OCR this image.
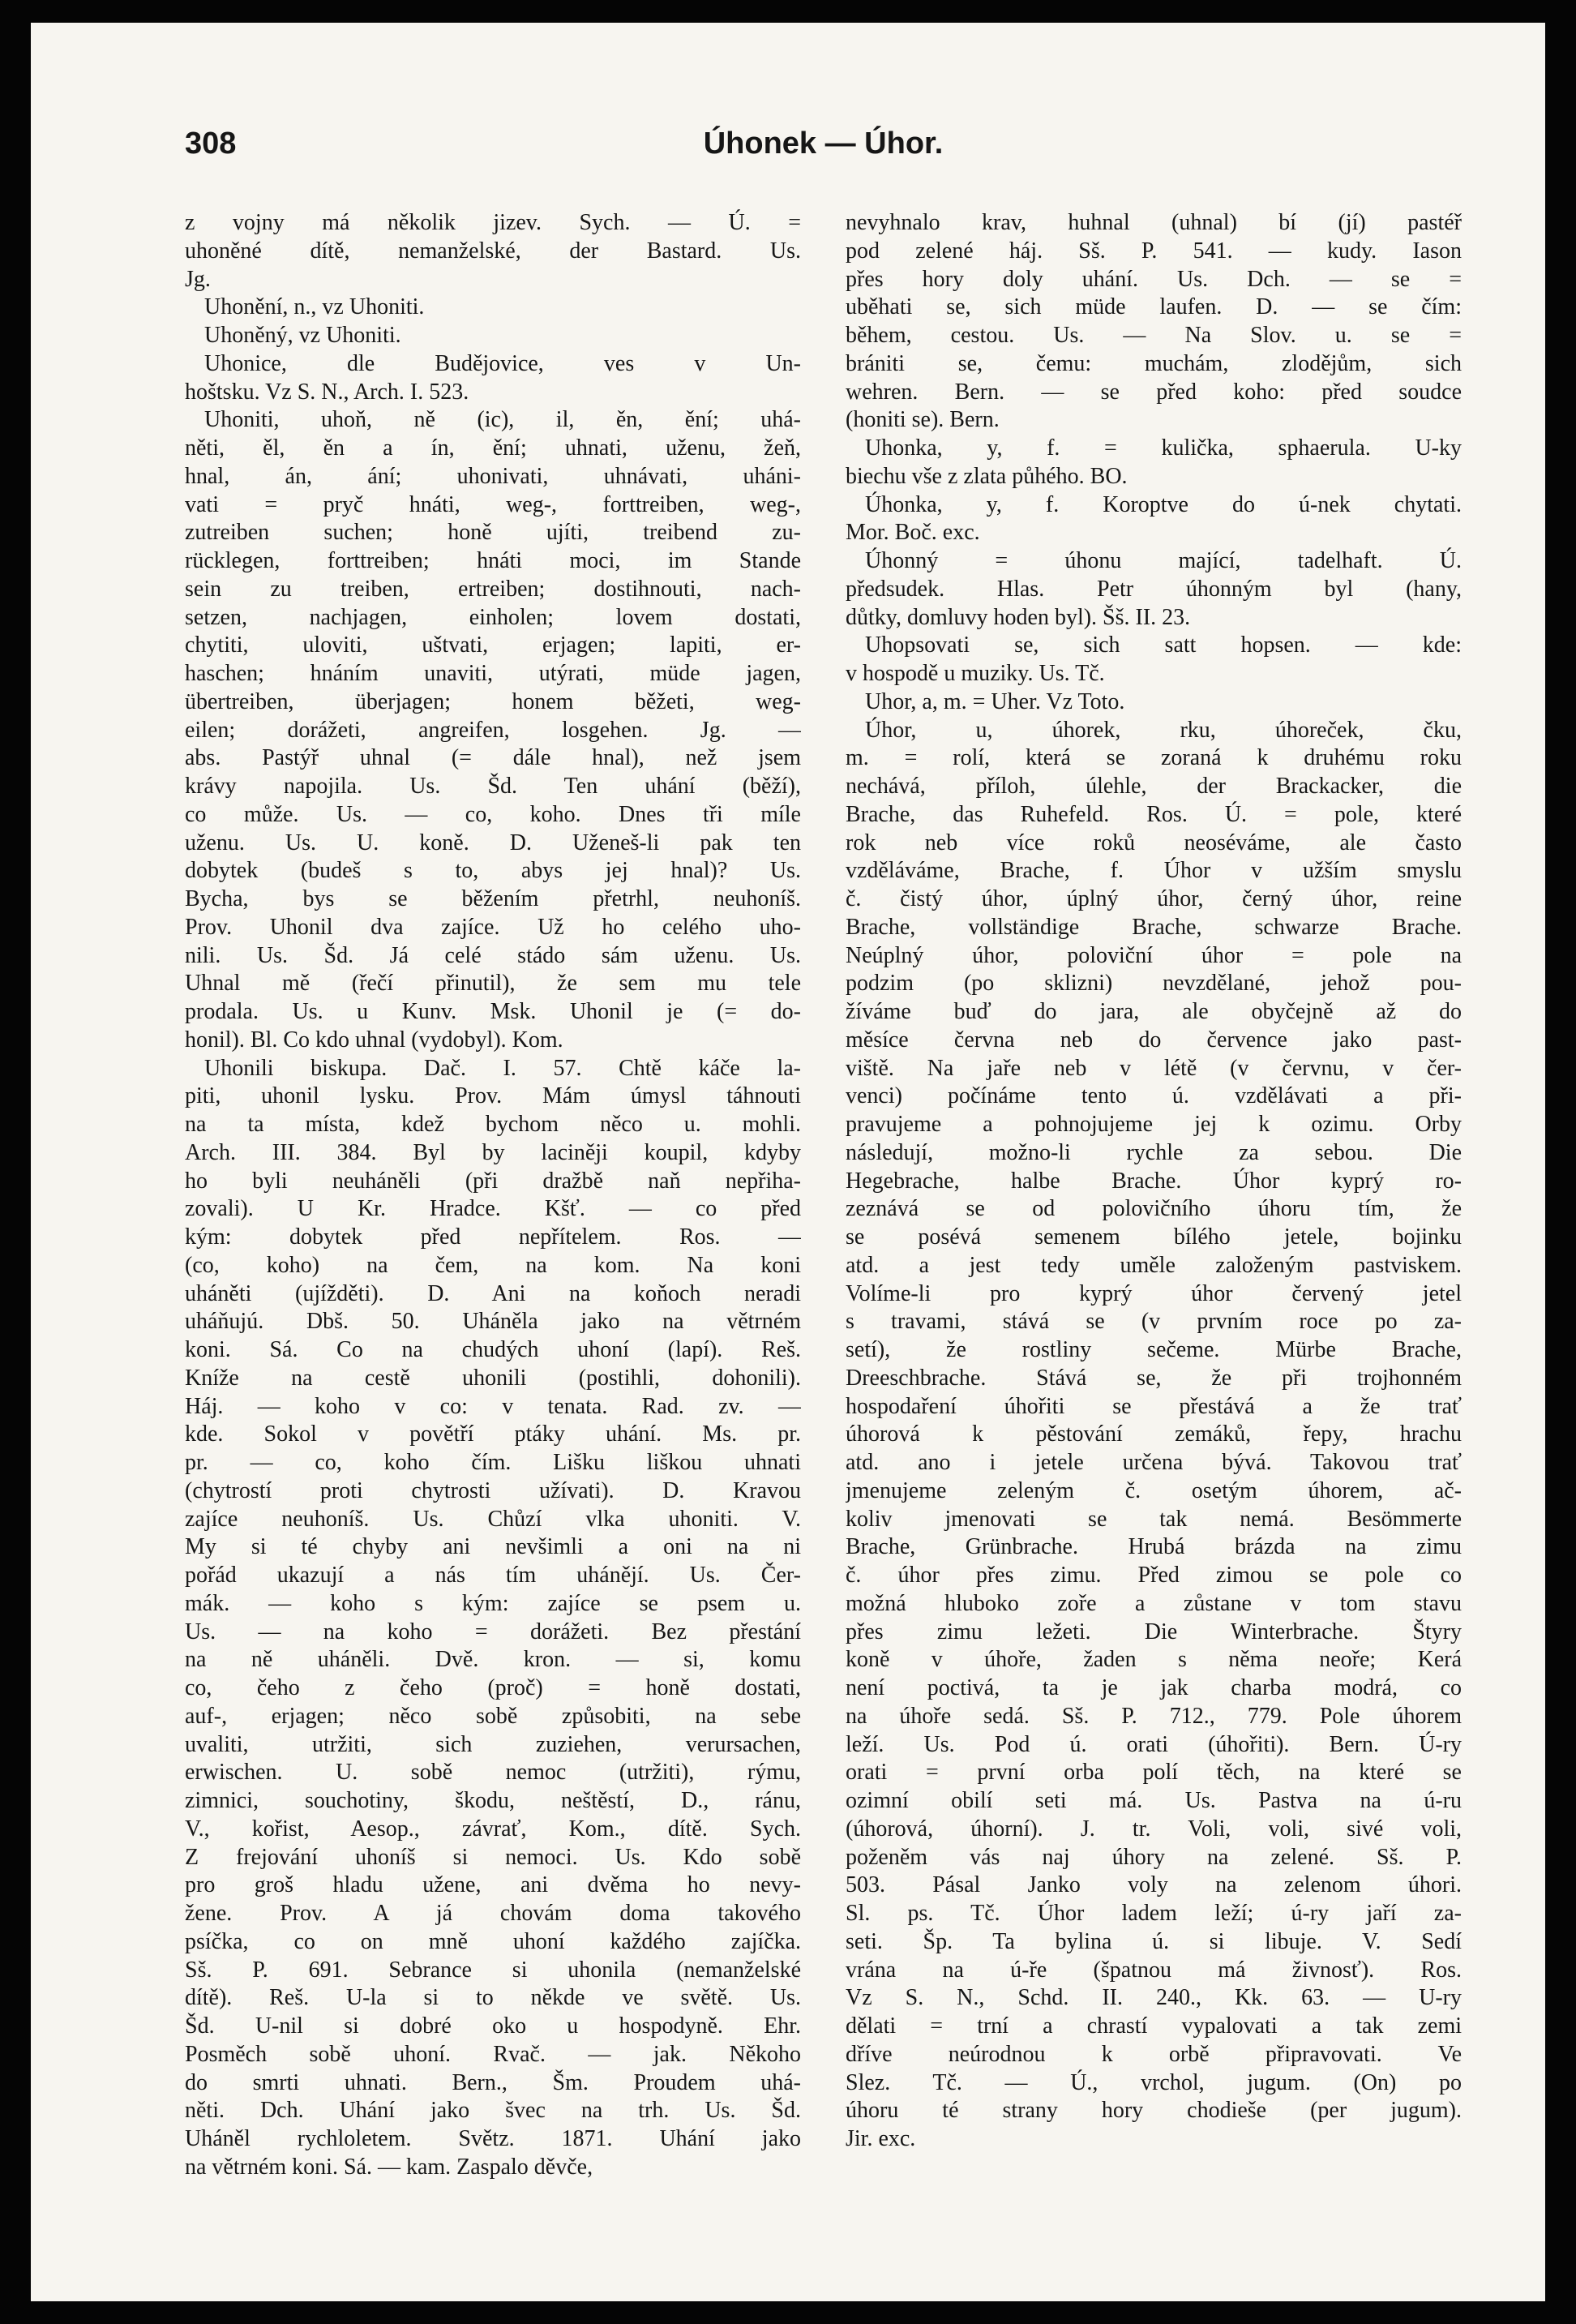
308	Úhonek — Úhor.
z vojny má několik jizev. Sych. — Ú. =
uhoněné dítě, nemanželské, der Bastard. Us.
Jg.
Uhonění, n., vz Uhoniti.
Uhoněný, vz Uhoniti.
Uhonice, dle Budějovice, ves v Un-
hoštsku. Vz S. N., Arch. I. 523.
Uhoniti, uhoň, ně (ic), il, ěn, ění; uhá-
něti, ěl, ěn a ín, ění; uhnati, uženu, žeň,
hnal, án, ání; uhonivati, uhnávati, uháni-
vati = pryč hnáti, weg-, forttreiben, weg-,
zutreiben suchen; honě ujíti, treibend zu-
rücklegen, forttreiben; hnáti moci, im Stande
sein zu treiben, ertreiben; dostihnouti, nach-
setzen, nachjagen, einholen; lovem dostati,
chytiti, uloviti, uštvati, erjagen; lapiti, er-
haschen; hnáním unaviti, utýrati, müde jagen,
übertreiben, überjagen; honem běžeti, weg-
eilen; dorážeti, angreifen, losgehen. Jg. —
abs. Pastýř uhnal (= dále hnal), než jsem
krávy napojila. Us. Šd. Ten uhání (běží),
co může. Us. — co, koho. Dnes tři míle
uženu. Us. U. koně. D. Uženeš-li pak ten
dobytek (budeš s to, abys jej hnal)? Us.
Bycha, bys se běžením přetrhl, neuhoníš.
Prov. Uhonil dva zajíce. Už ho celého uho-
nili. Us. Šd. Já celé stádo sám uženu. Us.
Uhnal mě (řečí přinutil), že sem mu tele
prodala. Us. u Kunv. Msk. Uhonil je (= do-
honil). Bl. Co kdo uhnal (vydobyl). Kom.
Uhonili biskupa. Dač. I. 57. Chtě káče la-
piti, uhonil lysku. Prov. Mám úmysl táhnouti
na ta místa, kdež bychom něco u. mohli.
Arch. III. 384. Byl by laciněji koupil, kdyby
ho byli neuháněli (při dražbě naň nepřiha-
zovali). U Kr. Hradce. Kšť. — co před
kým: dobytek před nepřítelem. Ros. —
(co, koho) na čem, na kom. Na koni
uháněti (ujížděti). D. Ani na koňoch neradi
uháňujú. Dbš. 50. Uháněla jako na větrném
koni. Sá. Co na chudých uhoní (lapí). Reš.
Kníže na cestě uhonili (postihli, dohonili).
Háj. — koho v co: v tenata. Rad. zv. —
kde. Sokol v povětří ptáky uhání. Ms. pr.
pr. — co, koho čím. Lišku liškou uhnati
(chytrostí proti chytrosti užívati). D. Kravou
zajíce neuhoníš. Us. Chůzí vlka uhoniti. V.
My si té chyby ani nevšimli a oni na ni
pořád ukazují a nás tím uhánějí. Us. Čer-
mák. — koho s kým: zajíce se psem u.
Us. — na koho = dorážeti. Bez přestání
na ně uháněli. Dvě. kron. — si, komu
co, čeho z čeho (proč) = honě dostati,
auf-, erjagen; něco sobě způsobiti, na sebe
uvaliti, utržiti, sich zuziehen, verursachen,
erwischen. U. sobě nemoc (utržiti), rýmu,
zimnici, souchotiny, škodu, neštěstí, D., ránu,
V., kořist, Aesop., závrať, Kom., dítě. Sych.
Z frejování uhoníš si nemoci. Us. Kdo sobě
pro groš hladu užene, ani dvěma ho nevy-
žene. Prov. A já chovám doma takového
psíčka, co on mně uhoní každého zajíčka.
Sš. P. 691. Sebrance si uhonila (nemanželské
dítě). Reš. U-la si to někde ve světě. Us.
Šd. U-nil si dobré oko u hospodyně. Ehr.
Posměch sobě uhoní. Rvač. — jak. Někoho
do smrti uhnati. Bern., Šm. Proudem uhá-
něti. Dch. Uhání jako švec na trh. Us. Šd.
Uháněl rychloletem. Světz. 1871. Uhání jako
na větrném koni. Sá. — kam. Zaspalo děvče,
nevyhnalo krav, huhnal (uhnal) bí (jí) pastéř
pod zelené háj. Sš. P. 541. — kudy. Iason
přes hory doly uhání. Us. Dch. — se =
uběhati se, sich müde laufen. D. — se čím:
během, cestou. Us. — Na Slov. u. se =
brániti se, čemu: muchám, zlodějům, sich
wehren. Bern. — se před koho: před soudce
(honiti se). Bern.
Uhonka, y, f. = kulička, sphaerula. U-ky
biechu vše z zlata půhého. BO.
Úhonka, y, f. Koroptve do ú-nek chytati.
Mor. Boč. exc.
Úhonný = úhonu mající, tadelhaft. Ú.
předsudek. Hlas. Petr úhonným byl (hany,
důtky, domluvy hoden byl). Šš. II. 23.
Uhopsovati se, sich satt hopsen. — kde:
v hospodě u muziky. Us. Tč.
Uhor, a, m. = Uher. Vz Toto.
Úhor, u, úhorek, rku, úhoreček, čku,
m. = rolí, která se zoraná k druhému roku
nechává, příloh, úlehle, der Brackacker, die
Brache, das Ruhefeld. Ros. Ú. = pole, které
rok neb více roků neoséváme, ale často
vzděláváme, Brache, f. Úhor v užším smyslu
č. čistý úhor, úplný úhor, černý úhor, reine
Brache, vollständige Brache, schwarze Brache.
Neúplný úhor, poloviční úhor = pole na
podzim (po sklizni) nevzdělané, jehož pou-
žíváme buď do jara, ale obyčejně až do
měsíce června neb do července jako past-
viště. Na jaře neb v létě (v červnu, v čer-
venci) počínáme tento ú. vzdělávati a při-
pravujeme a pohnojujeme jej k ozimu. Orby
následují, možno-li rychle za sebou. Die
Hegebrache, halbe Brache. Úhor kyprý ro-
zeznává se od polovičního úhoru tím, že
se posévá semenem bílého jetele, bojinku
atd. a jest tedy uměle založeným pastviskem.
Volíme-li pro kyprý úhor červený jetel
s travami, stává se (v prvním roce po za-
setí), že rostliny sečeme. Mürbe Brache,
Dreeschbrache. Stává se, že při trojhonném
hospodaření úhořiti se přestává a že trať
úhorová k pěstování zemáků, řepy, hrachu
atd. ano i jetele určena bývá. Takovou trať
jmenujeme zeleným č. osetým úhorem, ač-
koliv jmenovati se tak nemá. Besömmerte
Brache, Grünbrache. Hrubá brázda na zimu
č. úhor přes zimu. Před zimou se pole co
možná hluboko zoře a zůstane v tom stavu
přes zimu ležeti. Die Winterbrache. Štyry
koně v úhoře, žaden s něma neoře; Kerá
není poctivá, ta je jak charba modrá, co
na úhoře sedá. Sš. P. 712., 779. Pole úhorem
leží. Us. Pod ú. orati (úhořiti). Bern. Ú-ry
orati = první orba polí těch, na které se
ozimní obilí seti má. Us. Pastva na ú-ru
(úhorová, úhorní). J. tr. Voli, voli, sivé voli,
poženěm vás naj úhory na zelené. Sš. P.
503. Pásal Janko voly na zelenom úhori.
Sl. ps. Tč. Úhor ladem leží; ú-ry jaří za-
seti. Šp. Ta bylina ú. si libuje. V. Sedí
vrána na ú-ře (špatnou má živnosť). Ros.
Vz S. N., Schd. II. 240., Kk. 63. — U-ry
dělati = trní a chrastí vypalovati a tak zemi
dříve neúrodnou k orbě připravovati. Ve
Slez. Tč. — Ú., vrchol, jugum. (On) po
úhoru té strany hory chodieše (per jugum).
Jir. exc.
